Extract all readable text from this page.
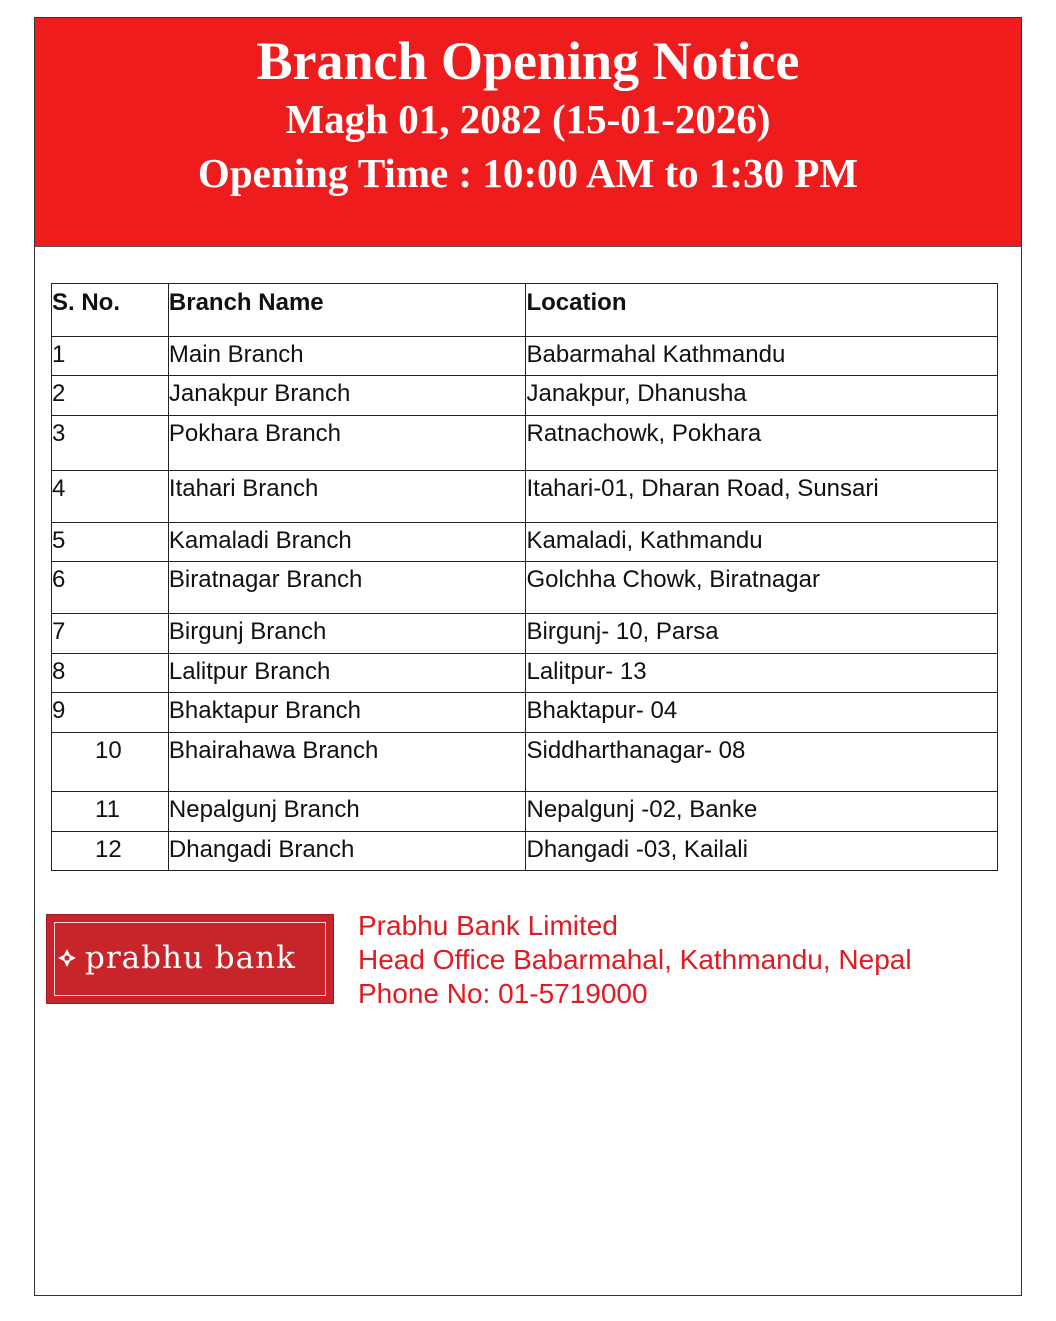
Branch Opening Notice
Magh 01, 2082 (15-01-2026)
Opening Time : 10:00 AM to 1:30 PM
S. No.	Branch Name	Location
1	Main Branch	Babarmahal Kathmandu
2	Janakpur Branch	Janakpur, Dhanusha
3	Pokhara Branch	Ratnachowk, Pokhara
4	Itahari Branch	Itahari-01, Dharan Road, Sunsari
5	Kamaladi Branch	Kamaladi, Kathmandu
6	Biratnagar Branch	Golchha Chowk, Biratnagar
7	Birgunj Branch	Birgunj- 10, Parsa
8	Lalitpur Branch	Lalitpur- 13
9	Bhaktapur Branch	Bhaktapur- 04
10	Bhairahawa Branch	Siddharthanagar- 08
11	Nepalgunj Branch	Nepalgunj -02, Banke
12	Dhangadi Branch	Dhangadi -03, Kailali
prabhu bank
Prabhu Bank Limited
Head Office Babarmahal, Kathmandu, Nepal
Phone No: 01-5719000
